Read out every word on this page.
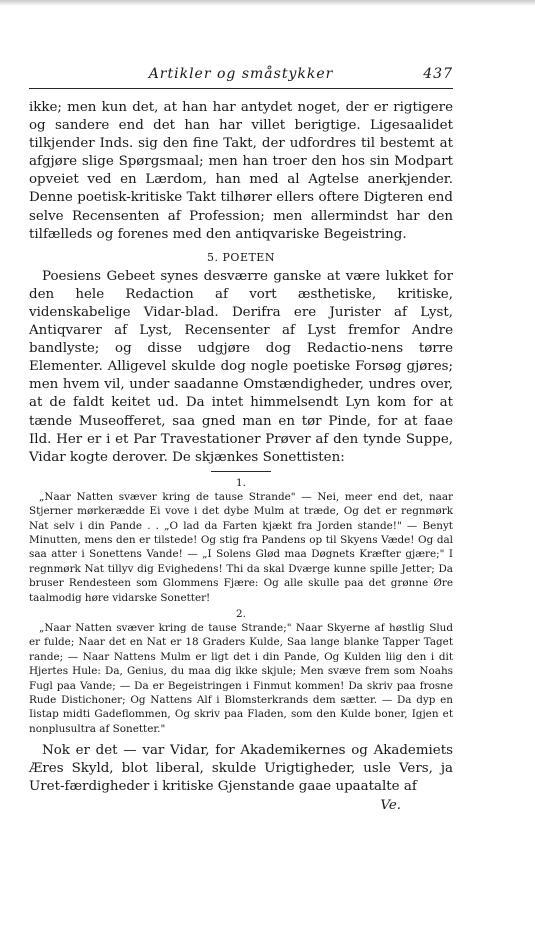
Artikler og småstykker	437

ikke; men kun det, at han har antydet noget, der er rigtigere og sandere end det han har villet berigtige. Ligesaalidet tilkjender Inds. sig den fine Takt, der udfordres til bestemt at afgjøre slige Spørgsmaal; men han troer den hos sin Modpart opveiet ved en Lærdom, han med al Agtelse anerkjender. Denne poetisk-kritiske Takt tilhører ellers oftere Digteren end selve Recensenten af Profession; men allermindst har den tilfælleds og forenes med den antiqvariske Begeistring.

5. POETEN

Poesiens Gebeet synes desværre ganske at være lukket for den hele Redaction af vort æsthetiske, kritiske, videnskabelige Vidar-blad. Derifra ere Jurister af Lyst, Antiqvarer af Lyst, Recensenter af Lyst fremfor Andre bandlyste; og disse udgjøre dog Redactio-nens tørre Elementer. Alligevel skulde dog nogle poetiske Forsøg gjøres; men hvem vil, under saadanne Omstændigheder, undres over, at de faldt keitet ud. Da intet himmelsendt Lyn kom for at tænde Museofferet, saa gned man en tør Pinde, for at faae Ild. Her er i et Par Travestationer Prøver af den tynde Suppe, Vidar kogte derover. De skjænkes Sonettisten:

1.

„Naar Natten svæver kring de tause Strande" — Nei, meer end det, naar Stjerner mørkerædde Ei vove i det dybe Mulm at træde, Og det er regnmørk Nat selv i din Pande . . „O lad da Farten kjækt fra Jorden stande!" — Benyt Minutten, mens den er tilstede! Og stig fra Pandens op til Skyens Væde! Og dal saa atter i Sonettens Vande! — „I Solens Glød maa Døgnets Kræfter gjære;" I regnmørk Nat tillyv dig Evighedens! Thi da skal Dværge kunne spille Jetter; Da bruser Rendesteen som Glommens Fjære: Og alle skulle paa det grønne Øre taalmodig høre vidarske Sonetter!

2.

„Naar Natten svæver kring de tause Strande;" Naar Skyerne af høstlig Slud er fulde; Naar det en Nat er 18 Graders Kulde, Saa lange blanke Tapper Taget rande; — Naar Nattens Mulm er ligt det i din Pande, Og Kulden liig den i dit Hjertes Hule: Da, Genius, du maa dig ikke skjule; Men svæve frem som Noahs Fugl paa Vande; — Da er Begeistringen i Finmut kommen! Da skriv paa frosne Rude Distichoner; Og Nattens Alf i Blomsterkrands dem sætter. — Da dyp en Iistap midti Gadeflommen, Og skriv paa Fladen, som den Kulde boner, Igjen et nonplusultra af Sonetter."

Nok er det — var Vidar, for Akademikernes og Akademiets Æres Skyld, blot liberal, skulde Urigtigheder, usle Vers, ja Uret-færdigheder i kritiske Gjenstande gaae upaatalte af

Ve.
